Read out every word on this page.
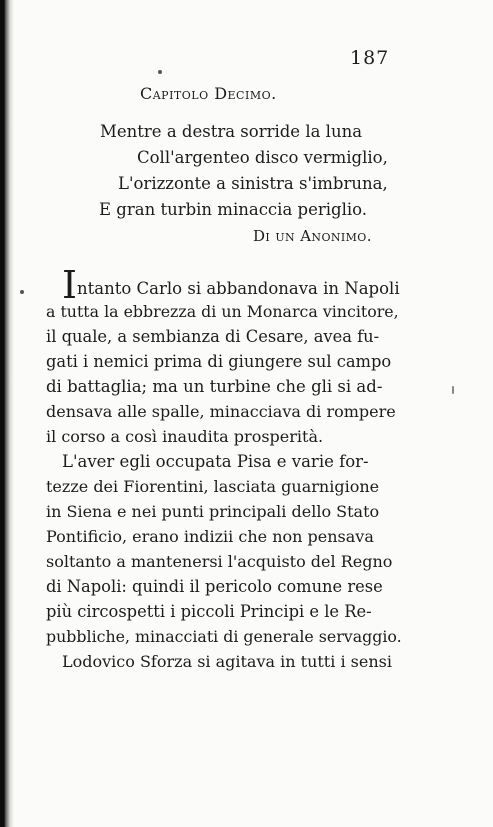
187
Capitolo Decimo.
Mentre a destra sorride la luna
Coll'argenteo disco vermiglio,
L'orizzonte a sinistra s'imbruna,
E gran turbin minaccia periglio.
Di un Anonimo.
Intanto Carlo si abbandonava in Napoli
a tutta la ebbrezza di un Monarca vincitore,
il quale, a sembianza di Cesare, avea fu-
gati i nemici prima di giungere sul campo
di battaglia; ma un turbine che gli si ad-
densava alle spalle, minacciava di rompere
il corso a così inaudita prosperità.
L'aver egli occupata Pisa e varie for-
tezze dei Fiorentini, lasciata guarnigione
in Siena e nei punti principali dello Stato
Pontificio, erano indizii che non pensava
soltanto a mantenersi l'acquisto del Regno
di Napoli: quindi il pericolo comune rese
più circospetti i piccoli Principi e le Re-
pubbliche, minacciati di generale servaggio.
Lodovico Sforza si agitava in tutti i sensi
